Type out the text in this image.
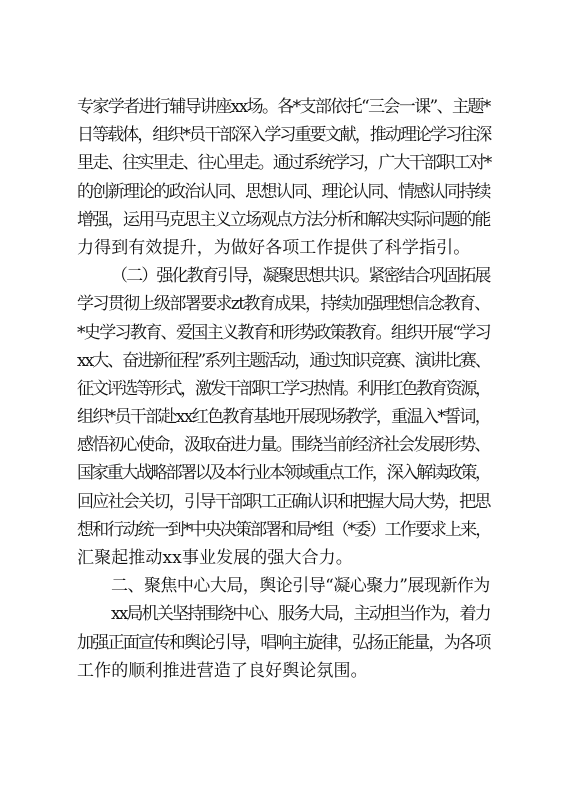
专家学者进行辅导讲座xx场。各*支部依托“三会一课”、主题*
日等载体，组织*员干部深入学习重要文献，推动理论学习往深
里走、往实里走、往心里走。通过系统学习，广大干部职工对*
的创新理论的政治认同、思想认同、理论认同、情感认同持续
增强，运用马克思主义立场观点方法分析和解决实际问题的能
力得到有效提升，为做好各项工作提供了科学指引。
（二）强化教育引导，凝聚思想共识。紧密结合巩固拓展
学习贯彻上级部署要求zt教育成果，持续加强理想信念教育、
*史学习教育、爱国主义教育和形势政策教育。组织开展“学习
xx大、奋进新征程”系列主题活动，通过知识竞赛、演讲比赛、
征文评选等形式，激发干部职工学习热情。利用红色教育资源，
组织*员干部赴xx红色教育基地开展现场教学，重温入*誓词，
感悟初心使命，汲取奋进力量。围绕当前经济社会发展形势、
国家重大战略部署以及本行业本领域重点工作，深入解读政策，
回应社会关切，引导干部职工正确认识和把握大局大势，把思
想和行动统一到*中央决策部署和局*组（*委）工作要求上来，
汇聚起推动xx事业发展的强大合力。
二、聚焦中心大局，舆论引导“凝心聚力”展现新作为
xx局机关坚持围绕中心、服务大局，主动担当作为，着力
加强正面宣传和舆论引导，唱响主旋律，弘扬正能量，为各项
工作的顺利推进营造了良好舆论氛围。
